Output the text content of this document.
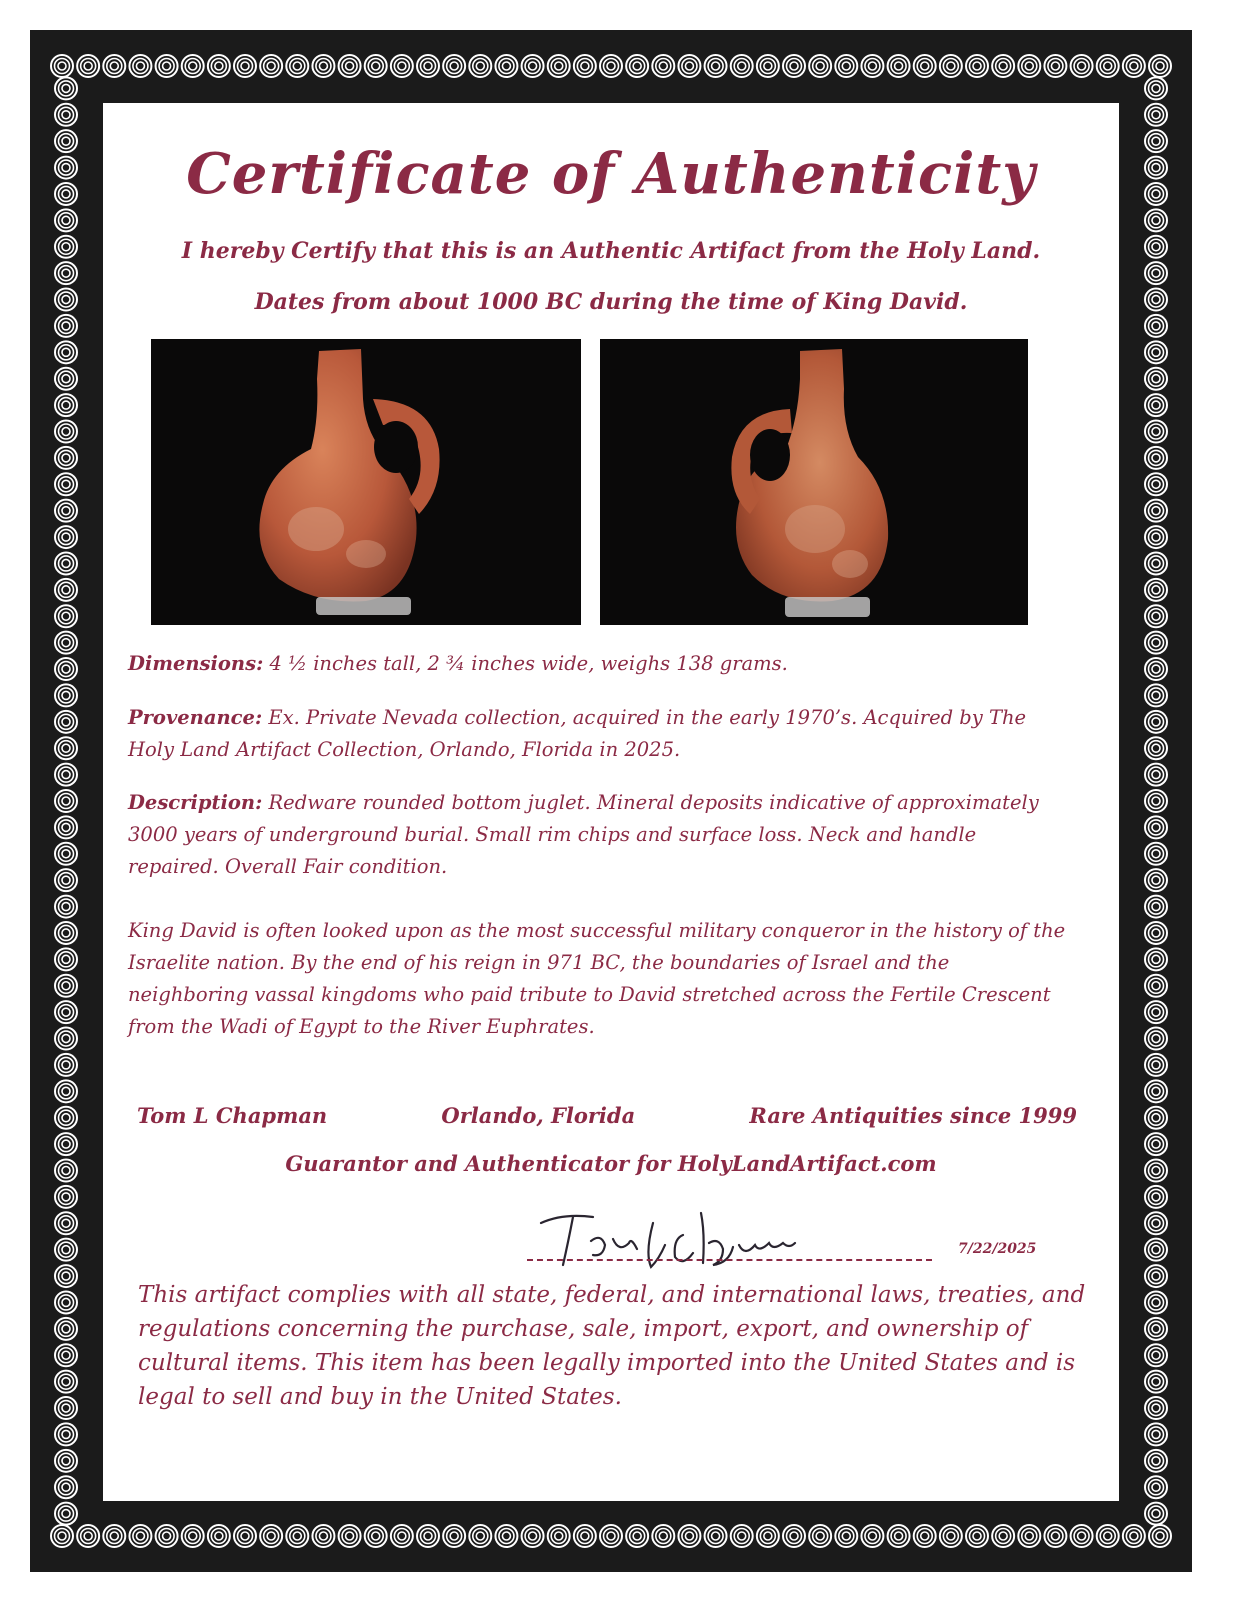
Certificate of Authenticity

I hereby Certify that this is an Authentic Artifact from the Holy Land.

Dates from about 1000 BC during the time of King David.

Dimensions: 4 ½ inches tall, 2 ¾ inches wide, weighs 138 grams.

Provenance: Ex. Private Nevada collection, acquired in the early 1970’s. Acquired by The Holy Land Artifact Collection, Orlando, Florida in 2025.

Description: Redware rounded bottom juglet. Mineral deposits indicative of approximately 3000 years of underground burial. Small rim chips and surface loss. Neck and handle repaired. Overall Fair condition.

King David is often looked upon as the most successful military conqueror in the history of the Israelite nation. By the end of his reign in 971 BC, the boundaries of Israel and the neighboring vassal kingdoms who paid tribute to David stretched across the Fertile Crescent from the Wadi of Egypt to the River Euphrates.

Tom L Chapman	Orlando, Florida	Rare Antiquities since 1999
Guarantor and Authenticator for HolyLandArtifact.com
7/22/2025

This artifact complies with all state, federal, and international laws, treaties, and regulations concerning the purchase, sale, import, export, and ownership of cultural items. This item has been legally imported into the United States and is legal to sell and buy in the United States.
